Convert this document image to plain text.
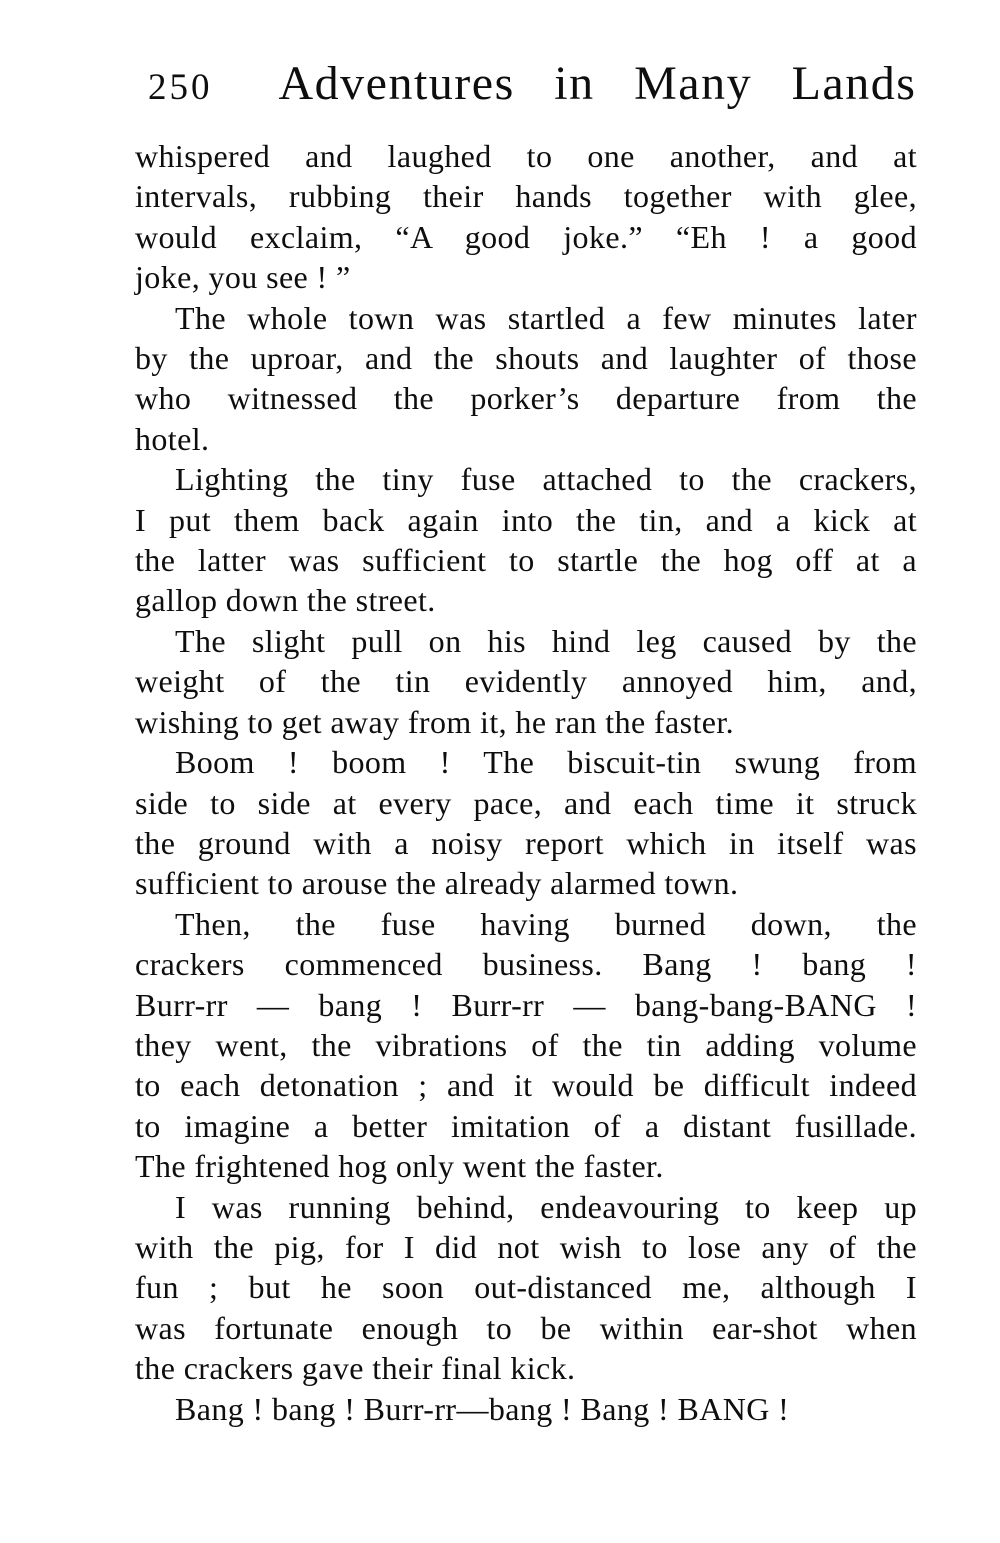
250 Adventures in Many Lands
whispered and laughed to one another, and at
intervals, rubbing their hands together with glee,
would exclaim, “A good joke.” “Eh ! a good
joke, you see ! ”
The whole town was startled a few minutes later
by the uproar, and the shouts and laughter of those
who witnessed the porker’s departure from the
hotel.
Lighting the tiny fuse attached to the crackers,
I put them back again into the tin, and a kick at
the latter was sufficient to startle the hog off at a
gallop down the street.
The slight pull on his hind leg caused by the
weight of the tin evidently annoyed him, and,
wishing to get away from it, he ran the faster.
Boom ! boom ! The biscuit-tin swung from
side to side at every pace, and each time it struck
the ground with a noisy report which in itself was
sufficient to arouse the already alarmed town.
Then, the fuse having burned down, the
crackers commenced business. Bang ! bang !
Burr-rr — bang ! Burr-rr — bang-bang-BANG !
they went, the vibrations of the tin adding volume
to each detonation ; and it would be difficult indeed
to imagine a better imitation of a distant fusillade.
The frightened hog only went the faster.
I was running behind, endeavouring to keep up
with the pig, for I did not wish to lose any of the
fun ; but he soon out-distanced me, although I
was fortunate enough to be within ear-shot when
the crackers gave their final kick.
Bang ! bang ! Burr-rr—bang ! Bang ! BANG !
